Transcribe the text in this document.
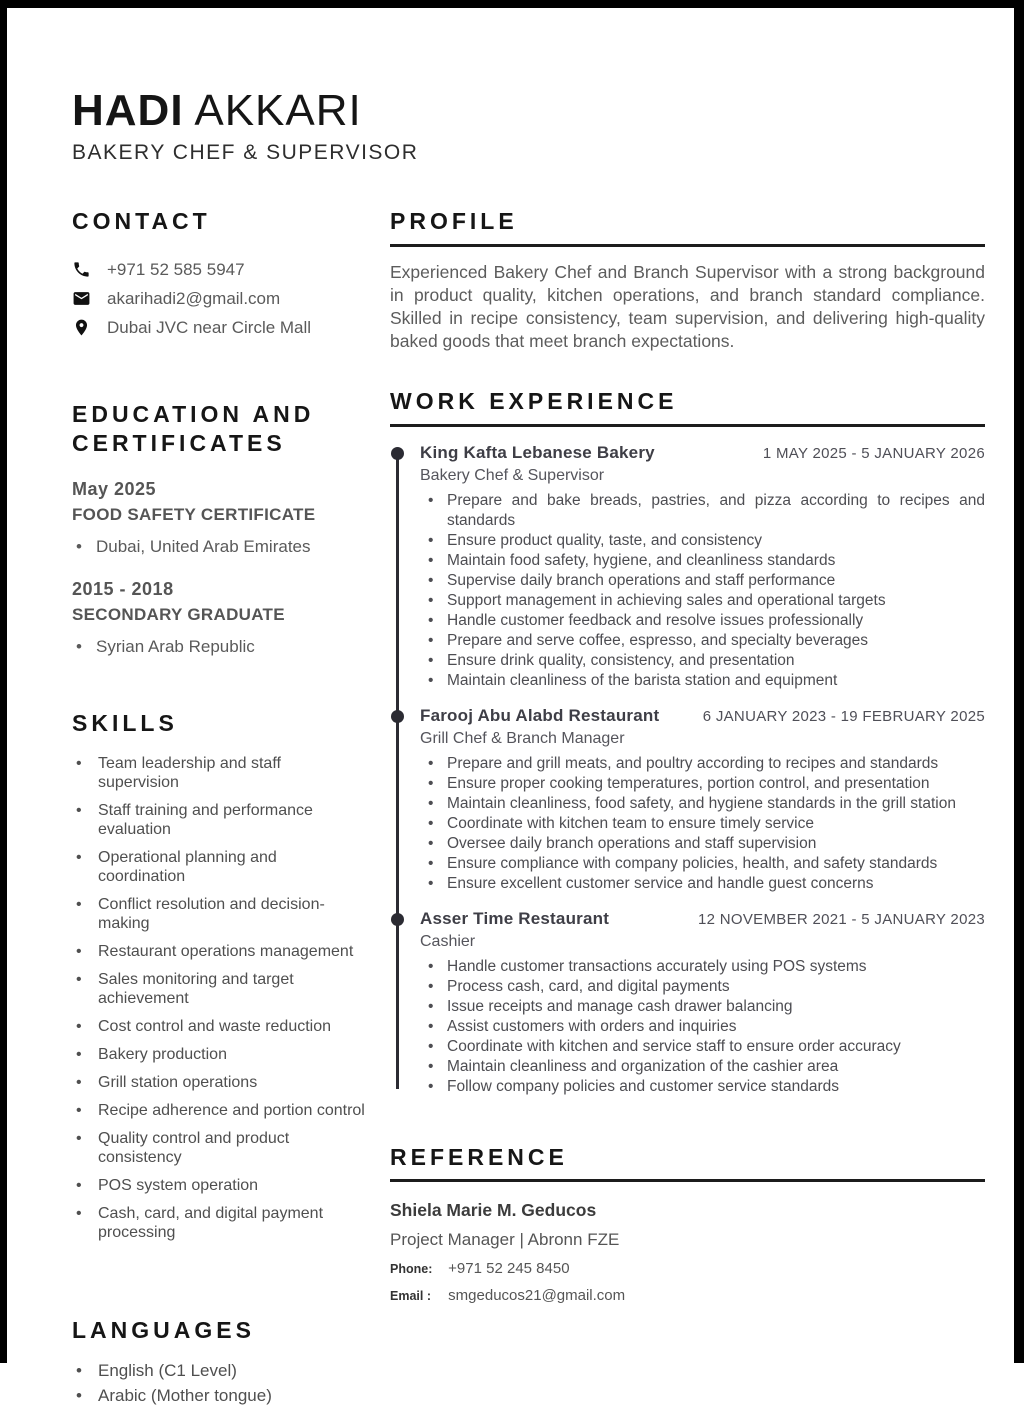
HADI AKKARI
BAKERY CHEF & SUPERVISOR
CONTACT
+971 52 585 5947
akarihadi2@gmail.com
Dubai JVC near Circle Mall
EDUCATION AND CERTIFICATES
May 2025
FOOD SAFETY CERTIFICATE
• Dubai, United Arab Emirates
2015 - 2018
SECONDARY GRADUATE
• Syrian Arab Republic
SKILLS
• Team leadership and staff supervision
• Staff training and performance evaluation
• Operational planning and coordination
• Conflict resolution and decision-making
• Restaurant operations management
• Sales monitoring and target achievement
• Cost control and waste reduction
• Bakery production
• Grill station operations
• Recipe adherence and portion control
• Quality control and product consistency
• POS system operation
• Cash, card, and digital payment processing
LANGUAGES
• English (C1 Level)
• Arabic (Mother tongue)
PROFILE

Experienced Bakery Chef and Branch Supervisor with a strong background in product quality, kitchen operations, and branch standard compliance. Skilled in recipe consistency, team supervision, and delivering high-quality baked goods that meet branch expectations.

WORK EXPERIENCE
King Kafta Lebanese Bakery	1 MAY 2025 - 5 JANUARY 2026
Bakery Chef & Supervisor
• Prepare and bake breads, pastries, and pizza according to recipes and standards
• Ensure product quality, taste, and consistency
• Maintain food safety, hygiene, and cleanliness standards
• Supervise daily branch operations and staff performance
• Support management in achieving sales and operational targets
• Handle customer feedback and resolve issues professionally
• Prepare and serve coffee, espresso, and specialty beverages
• Ensure drink quality, consistency, and presentation
• Maintain cleanliness of the barista station and equipment
Farooj Abu Alabd Restaurant	6 JANUARY 2023 - 19 FEBRUARY 2025
Grill Chef & Branch Manager
• Prepare and grill meats, and poultry according to recipes and standards
• Ensure proper cooking temperatures, portion control, and presentation
• Maintain cleanliness, food safety, and hygiene standards in the grill station
• Coordinate with kitchen team to ensure timely service
• Oversee daily branch operations and staff supervision
• Ensure compliance with company policies, health, and safety standards
• Ensure excellent customer service and handle guest concerns
Asser Time Restaurant	12 NOVEMBER 2021 - 5 JANUARY 2023
Cashier
• Handle customer transactions accurately using POS systems
• Process cash, card, and digital payments
• Issue receipts and manage cash drawer balancing
• Assist customers with orders and inquiries
• Coordinate with kitchen and service staff to ensure order accuracy
• Maintain cleanliness and organization of the cashier area
• Follow company policies and customer service standards
REFERENCE
Shiela Marie M. Geducos
Project Manager | Abronn FZE
Phone: +971 52 245 8450
Email : smgeducos21@gmail.com
